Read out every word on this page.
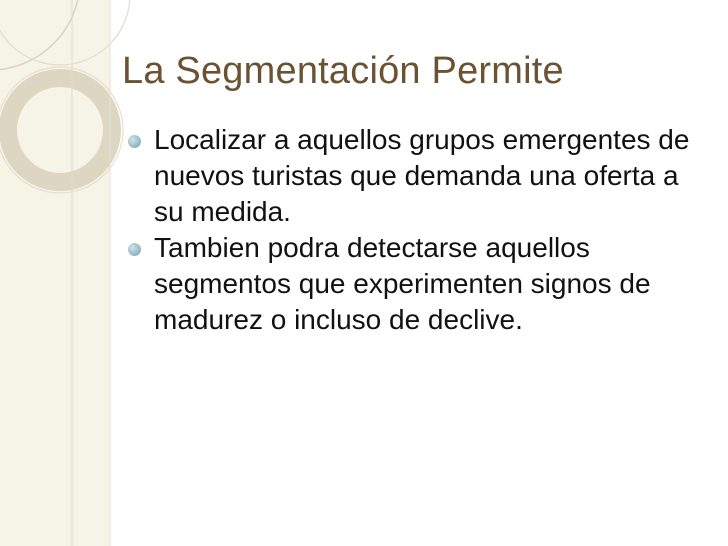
La Segmentación Permite
Localizar a aquellos grupos emergentes de nuevos turistas que demanda una oferta a su medida.
Tambien podra detectarse aquellos segmentos que experimenten signos de madurez o incluso de declive.
